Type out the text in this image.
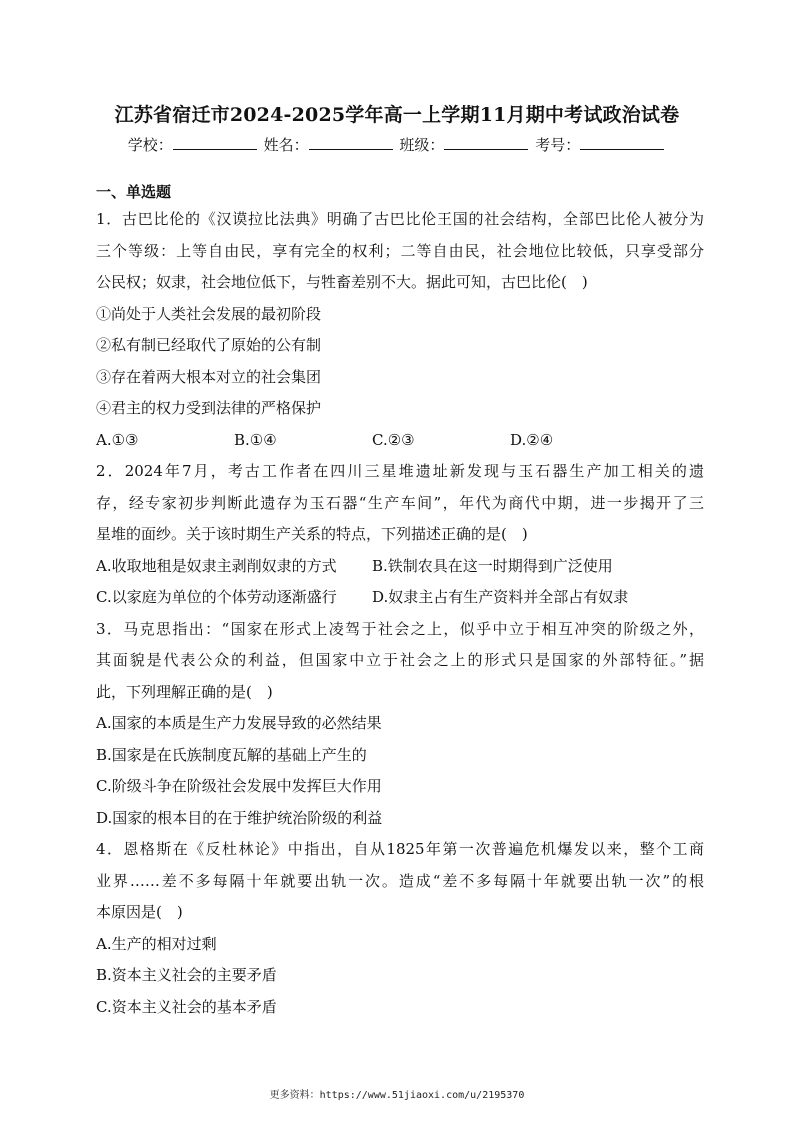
江苏省宿迁市2024-2025学年高一上学期11月期中考试政治试卷
学校：	姓名：	班级：	考号：
一、单选题
1．古巴比伦的《汉谟拉比法典》明确了古巴比伦王国的社会结构，全部巴比伦人被分为
三个等级：上等自由民，享有完全的权利；二等自由民，社会地位比较低，只享受部分
公民权；奴隶，社会地位低下，与牲畜差别不大。据此可知，古巴比伦(　)
①尚处于人类社会发展的最初阶段
②私有制已经取代了原始的公有制
③存在着两大根本对立的社会集团
④君主的权力受到法律的严格保护
A.①③	B.①④	C.②③	D.②④
2．2024年7月，考古工作者在四川三星堆遗址新发现与玉石器生产加工相关的遗
存，经专家初步判断此遗存为玉石器“生产车间”，年代为商代中期，进一步揭开了三
星堆的面纱。关于该时期生产关系的特点，下列描述正确的是(　)
A.收取地租是奴隶主剥削奴隶的方式	B.铁制农具在这一时期得到广泛使用
C.以家庭为单位的个体劳动逐渐盛行	D.奴隶主占有生产资料并全部占有奴隶
3．马克思指出：“国家在形式上凌驾于社会之上，似乎中立于相互冲突的阶级之外，
其面貌是代表公众的利益，但国家中立于社会之上的形式只是国家的外部特征。”据
此，下列理解正确的是(　)
A.国家的本质是生产力发展导致的必然结果
B.国家是在氏族制度瓦解的基础上产生的
C.阶级斗争在阶级社会发展中发挥巨大作用
D.国家的根本目的在于维护统治阶级的利益
4．恩格斯在《反杜林论》中指出，自从1825年第一次普遍危机爆发以来，整个工商
业界……差不多每隔十年就要出轨一次。造成“差不多每隔十年就要出轨一次”的根
本原因是(　)
A.生产的相对过剩
B.资本主义社会的主要矛盾
C.资本主义社会的基本矛盾
更多资料：https://www.51jiaoxi.com/u/2195370
